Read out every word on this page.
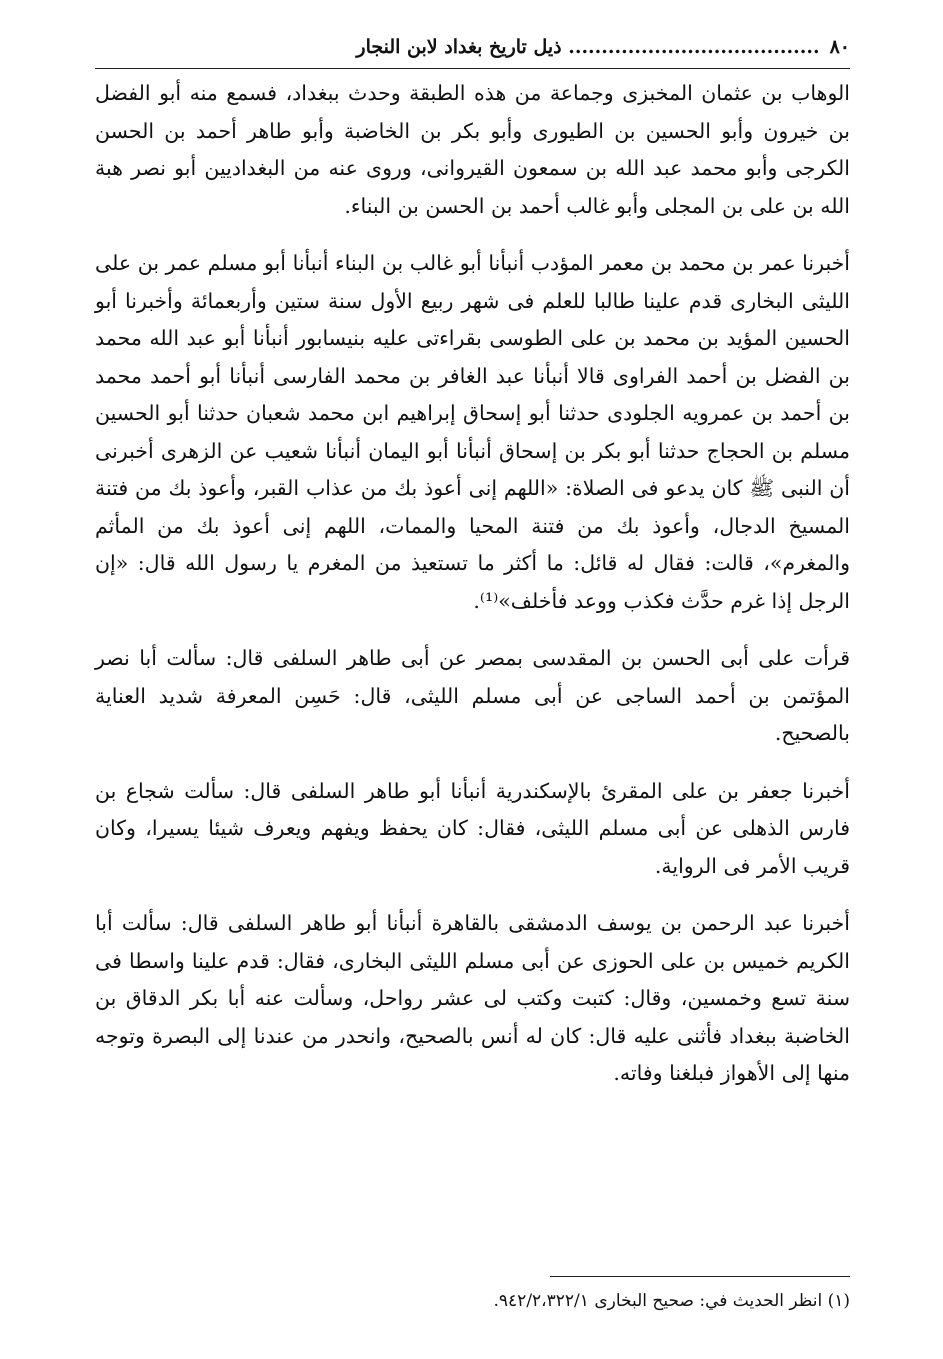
٨٠
...................................... ذيل تاريخ بغداد لابن النجار

الوهاب بن عثمان المخبزى وجماعة من هذه الطبقة وحدث ببغداد، فسمع منه أبو الفضل بن خيرون وأبو الحسين بن الطيورى وأبو بكر بن الخاضبة وأبو طاهر أحمد بن الحسن الكرجى وأبو محمد عبد الله بن سمعون القيروانى، وروى عنه من البغداديين أبو نصر هبة الله بن على بن المجلى وأبو غالب أحمد بن الحسن بن البناء.

أخبرنا عمر بن محمد بن معمر المؤدب أنبأنا أبو غالب بن البناء أنبأنا أبو مسلم عمر بن على الليثى البخارى قدم علينا طالبا للعلم فى شهر ربيع الأول سنة ستين وأربعمائة وأخبرنا أبو الحسين المؤيد بن محمد بن على الطوسى بقراءتى عليه بنيسابور أنبأنا أبو عبد الله محمد بن الفضل بن أحمد الفراوى قالا أنبأنا عبد الغافر بن محمد الفارسى أنبأنا أبو أحمد محمد بن أحمد بن عمرويه الجلودى حدثنا أبو إسحاق إبراهيم ابن محمد شعبان حدثنا أبو الحسين مسلم بن الحجاج حدثنا أبو بكر بن إسحاق أنبأنا أبو اليمان أنبأنا شعيب عن الزهرى أخبرنى أن النبى ﷺ كان يدعو فى الصلاة: «اللهم إنى أعوذ بك من عذاب القبر، وأعوذ بك من فتنة المسيخ الدجال، وأعوذ بك من فتنة المحيا والممات، اللهم إنى أعوذ بك من المأثم والمغرم»، قالت: فقال له قائل: ما أكثر ما تستعيذ من المغرم يا رسول الله قال: «إن الرجل إذا غرم حدَّث فكذب ووعد فأخلف»⁽¹⁾.

قرأت على أبى الحسن بن المقدسى بمصر عن أبى طاهر السلفى قال: سألت أبا نصر المؤتمن بن أحمد الساجى عن أبى مسلم الليثى، قال: حَسِن المعرفة شديد العناية بالصحيح.

أخبرنا جعفر بن على المقرئ بالإسكندرية أنبأنا أبو طاهر السلفى قال: سألت شجاع بن فارس الذهلى عن أبى مسلم الليثى، فقال: كان يحفظ ويفهم ويعرف شيئا يسيرا، وكان قريب الأمر فى الرواية.

أخبرنا عبد الرحمن بن يوسف الدمشقى بالقاهرة أنبأنا أبو طاهر السلفى قال: سألت أبا الكريم خميس بن على الحوزى عن أبى مسلم الليثى البخارى، فقال: قدم علينا واسطا فى سنة تسع وخمسين، وقال: كتبت وكتب لى عشر رواحل، وسألت عنه أبا بكر الدقاق بن الخاضبة ببغداد فأثنى عليه قال: كان له أنس بالصحيح، وانحدر من عندنا إلى البصرة وتوجه منها إلى الأهواز فبلغنا وفاته.

(١) انظر الحديث في: صحيح البخارى ٩٤٢/٢،٣٢٢/١.
